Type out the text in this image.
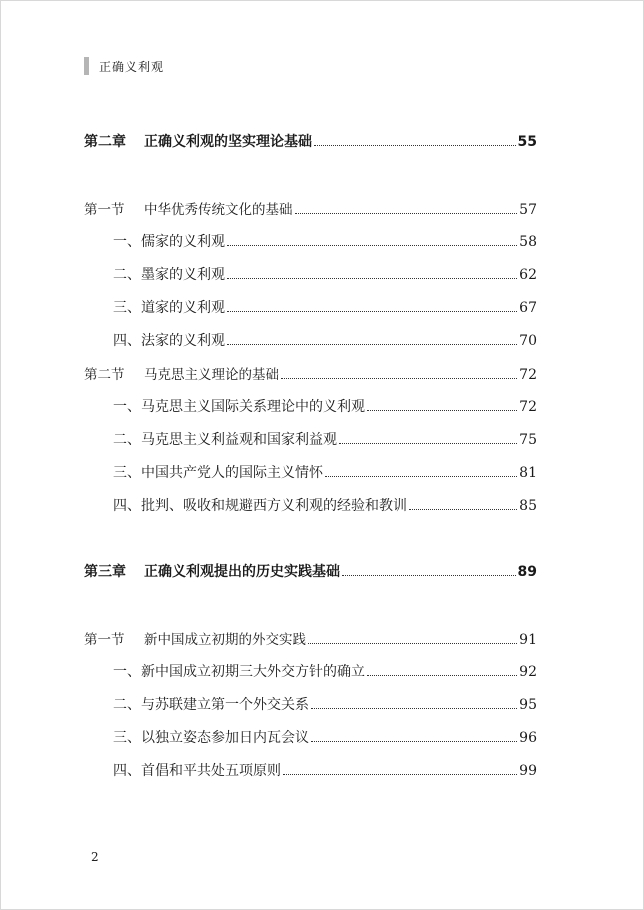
正确义利观
第二章	正确义利观的坚实理论基础	55
第一节	中华优秀传统文化的基础	57
一、 儒家的义利观	58
二、 墨家的义利观	62
三、 道家的义利观	67
四、 法家的义利观	70
第二节	马克思主义理论的基础	72
一、 马克思主义国际关系理论中的义利观	72
二、 马克思主义利益观和国家利益观	75
三、 中国共产党人的国际主义情怀	81
四、 批判、吸收和规避西方义利观的经验和教训	85
第三章	正确义利观提出的历史实践基础	89
第一节	新中国成立初期的外交实践	91
一、 新中国成立初期三大外交方针的确立	92
二、 与苏联建立第一个外交关系	95
三、 以独立姿态参加日内瓦会议	96
四、 首倡和平共处五项原则	99
2
